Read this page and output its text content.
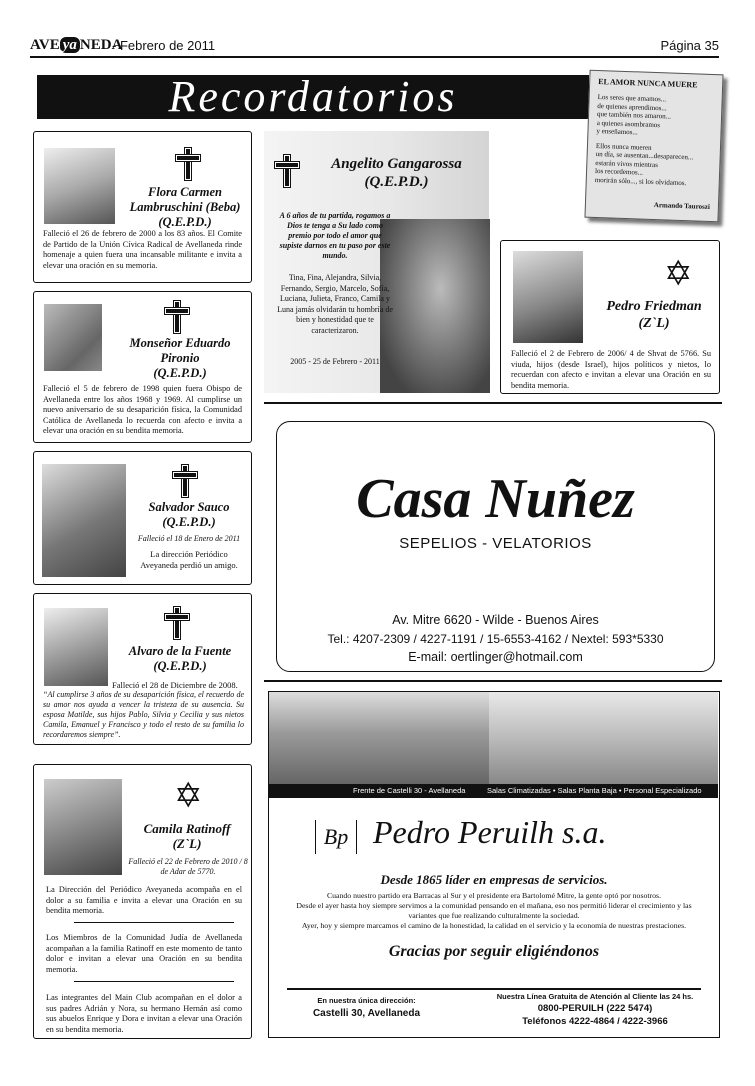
AVE ya NEDA
- Febrero de 2011	Página 35
Recordatorios	EL AMOR NUNCA MUERE
Los seres que amamos...
de quienes aprendimos...
que también nos amaron...
a quienes asombramos
y enseñamos...
Ellos nunca mueren
un día, se ausentan...desaparecen...
estarán vivos mientras
los recordemos...
morirán sólo..., si los olvidamos.
Armando Tauroszi
Flora Carmen Lambruschini (Beba)
(Q.E.P.D.)
Falleció el 26 de febrero de 2000 a los 83 años. El Comite de Partido de la Unión Cívica Radical de Avellaneda rinde homenaje a quien fuera una incansable militante e invita a elevar una oración en su memoria.
Monseñor Eduardo Pironio
(Q.E.P.D.)
Falleció el 5 de febrero de 1998 quien fuera Obispo de Avellaneda entre los años 1968 y 1969. Al cumplirse un nuevo aniversario de su desaparición física, la Comunidad Católica de Avellaneda lo recuerda con afecto e invita a elevar una oración en su bendita memoria.
Salvador Sauco
(Q.E.P.D.)
Falleció el 18 de Enero de 2011
La dirección Periódico Aveyaneda perdió un amigo.
Alvaro de la Fuente
(Q.E.P.D.)
Falleció el 28 de Diciembre de 2008.
“Al cumplirse 3 años de su desaparición física, el recuerdo de su amor nos ayuda a vencer la tristeza de su ausencia. Su esposa Matilde, sus hijos Pablo, Silvia y Cecilia y sus nietos Camila, Emanuel y Francisco y todo el resto de su familia lo recordaremos siempre”.
✡
Camila Ratinoff
(Z`L)
Falleció el 22 de Febrero de 2010 / 8 de Adar de 5770.
La Dirección del Periódico Aveyaneda acompaña en el dolor a su familia e invita a elevar una Oración en su bendita memoria.
Los Miembros de la Comunidad Judía de Avellaneda acompañan a la familia Ratinoff en este momento de tanto dolor e invitan a elevar una Oración en su bendita memoria.
Las integrantes del Main Club acompañan en el dolor a sus padres Adrián y Nora, su hermano Hernán así como sus abuelos Enrique y Dora e invitan a elevar una Oración en su bendita memoria.
Angelito Gangarossa
(Q.E.P.D.)
A 6 años de tu partida, rogamos a Dios te tenga a Su lado como premio por todo el amor que supiste darnos en tu paso por este mundo.
Tina, Fina, Alejandra, Silvia, Fernando, Sergio, Marcelo, Sofía, Luciana, Julieta, Franco, Camila y Luna jamás olvidarán tu hombría de bien y honestidad que te caracterizaron.
2005 - 25 de Febrero - 2011
✡
Pedro Friedman
(Z`L)
Falleció el 2 de Febrero de 2006/ 4 de Shvat de 5766. Su viuda, hijos (desde Israel), hijos políticos y nietos, lo recuerdan con afecto e invitan a elevar una Oración en su bendita memoria.
Casa Nuñez
SEPELIOS - VELATORIOS
Av. Mitre 6620 - Wilde - Buenos Aires
Tel.: 4207-2309 / 4227-1191 / 15-6553-4162 / Nextel: 593*5330
E-mail: oertlinger@hotmail.com
Frente de Castelli 30 - Avellaneda	Salas Climatizadas • Salas Planta Baja • Personal Especializado
Bp Pedro Peruilh s.a.
Desde 1865 líder en empresas de servicios.
Cuando nuestro partido era Barracas al Sur y el presidente era Bartolomé Mitre, la gente optó por nosotros.
Desde el ayer hasta hoy siempre servimos a la comunidad pensando en el mañana, eso nos permitió liderar el crecimiento y las variantes que fue realizando culturalmente la sociedad.
Ayer, hoy y siempre marcamos el camino de la honestidad, la calidad en el servicio y la economía de nuestras prestaciones.
Gracias por seguir eligiéndonos
En nuestra única dirección:
Castelli 30, Avellaneda
Nuestra Línea Gratuita de Atención al Cliente las 24 hs.
0800-PERUILH (222 5474)
Teléfonos 4222-4864 / 4222-3966
